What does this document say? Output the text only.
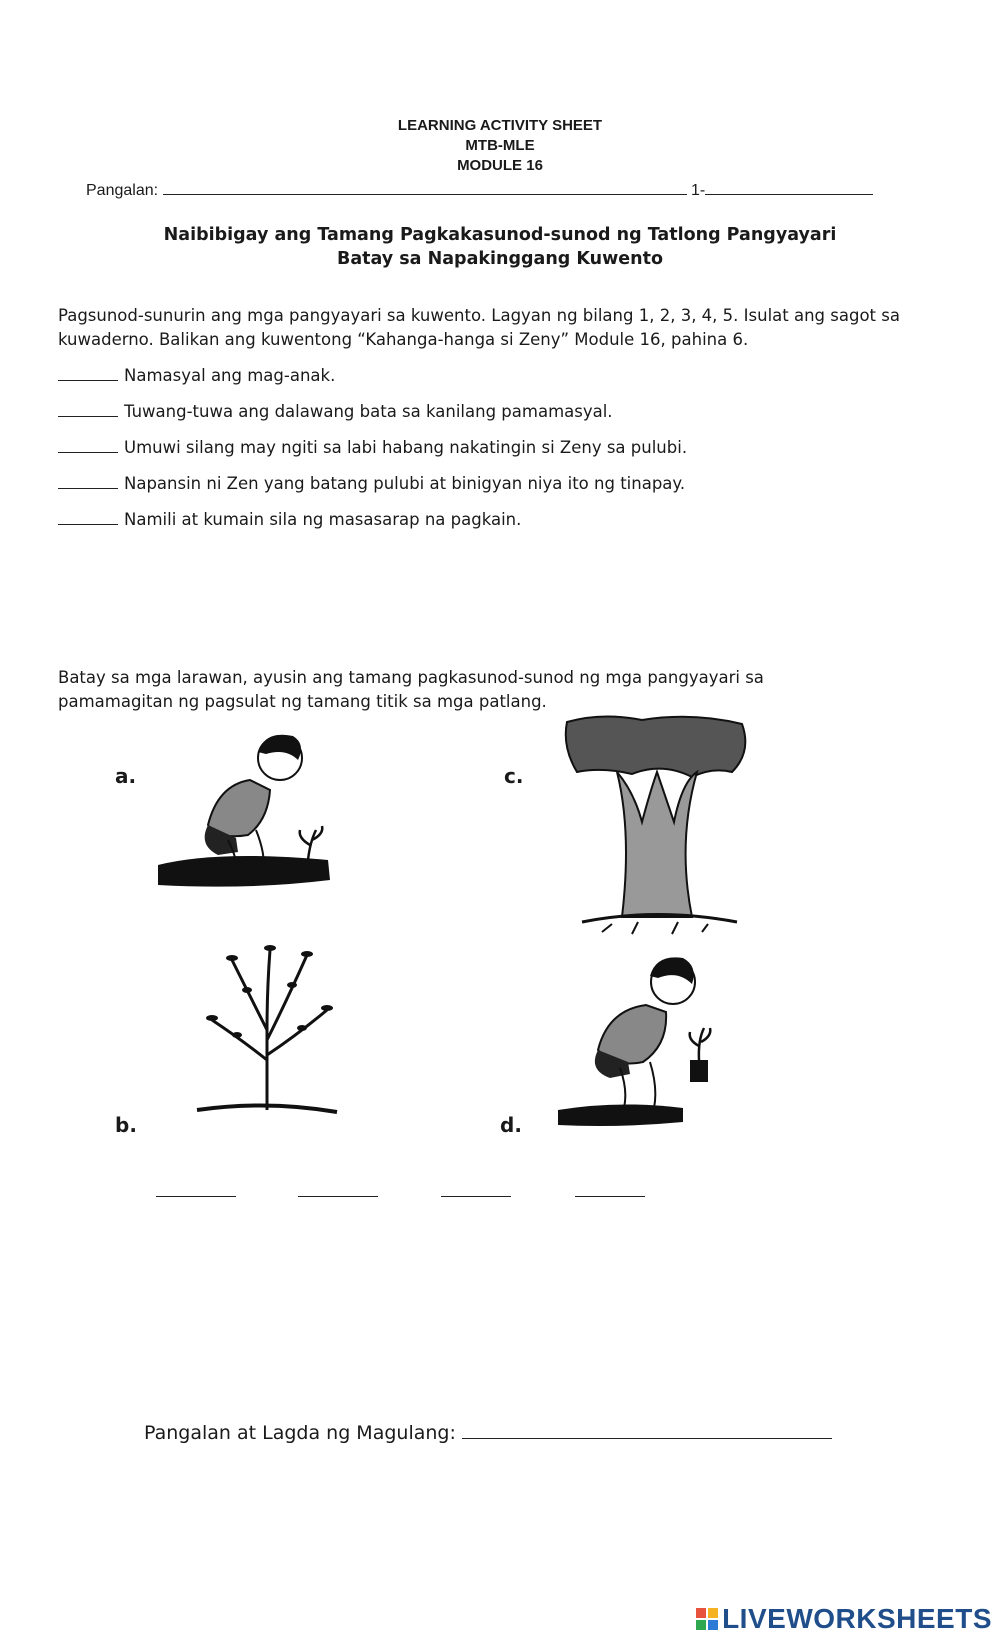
LEARNING ACTIVITY SHEET
MTB-MLE
MODULE 16
Pangalan:	1-
Naibibigay ang Tamang Pagkakasunod-sunod ng Tatlong Pangyayari
Batay sa Napakinggang Kuwento
Pagsunod-sunurin ang mga pangyayari sa kuwento. Lagyan ng bilang 1, 2, 3, 4, 5. Isulat ang sagot sa
kuwaderno. Balikan ang kuwentong “Kahanga-hanga si Zeny” Module 16, pahina 6.
Namasyal ang mag-anak.
Tuwang-tuwa ang dalawang bata sa kanilang pamamasyal.
Umuwi silang may ngiti sa labi habang nakatingin si Zeny sa pulubi.
Napansin ni Zen yang batang pulubi at binigyan niya ito ng tinapay.
Namili at kumain sila ng masasarap na pagkain.
Batay sa mga larawan, ayusin ang tamang pagkasunod-sunod ng mga pangyayari sa
pamamagitan ng pagsulat ng tamang titik sa mga patlang.
a.	c.
b.	d.
Pangalan at Lagda ng Magulang:
LIVEWORKSHEETS
